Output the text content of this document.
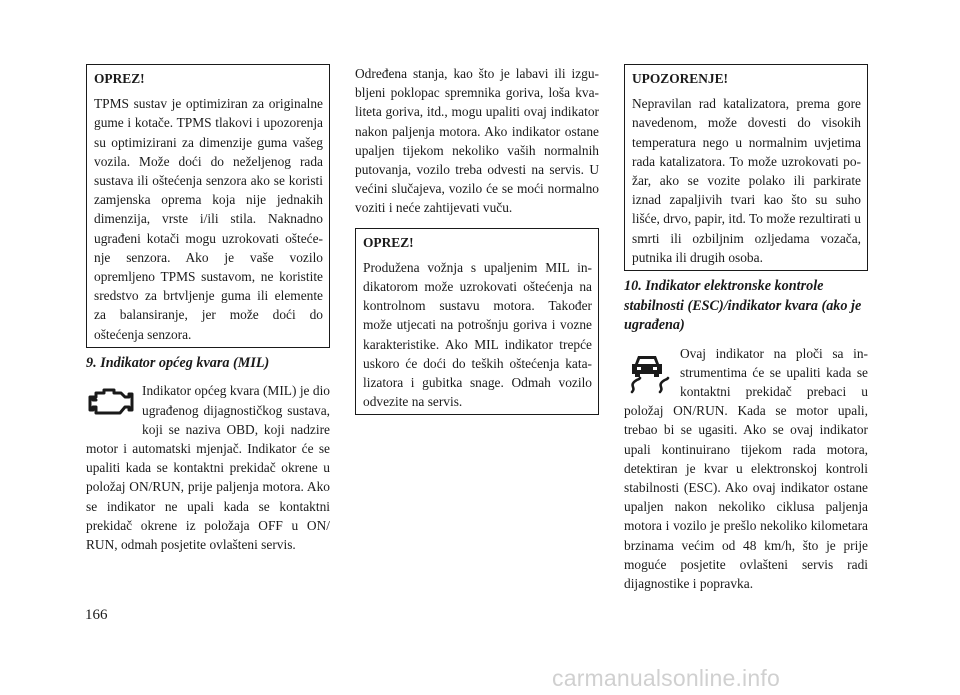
OPREZ!

TPMS sustav je optimiziran za originalne gume i kotače. TPMS tlakovi i upozorenja su optimizirani za dimenzije guma vašeg vozila. Može doći do neželjenog rada sustava ili oštećenja senzora ako se koristi zamjenska oprema koja nije jednakih dimenzija, vrste i/ili stila. Naknadno ugrađeni kotači mogu uzrokovati oštećenje senzora. Ako je vaše vozilo opremljeno TPMS sustavom, ne koristite sredstvo za brtvljenje guma ili elemente za balansiranje, jer može doći do oštećenja senzora.

9. Indikator općeg kvara (MIL)

Indikator općeg kvara (MIL) je dio ugrađenog dijagnostičkog sustava, koji se naziva OBD, koji nadzire motor i automatski mjenjač. Indikator će se upaliti kada se kontaktni prekidač okrene u položaj ON/RUN, prije paljenja motora. Ako se indikator ne upali kada se kontaktni prekidač okrene iz položaja OFF u ON/ RUN, odmah posjetite ovlašteni servis.

Određena stanja, kao što je labavi ili izgubljeni poklopac spremnika goriva, loša kvaliteta goriva, itd., mogu upaliti ovaj indikator nakon paljenja motora. Ako indikator ostane upaljen tijekom nekoliko vaših normalnih putovanja, vozilo treba odvesti na servis. U većini slučajeva, vozilo će se moći normalno voziti i neće zahtijevati vuču.

OPREZ!

Produžena vožnja s upaljenim MIL indikatorom može uzrokovati oštećenja na kontrolnom sustavu motora. Također može utjecati na potrošnju goriva i vozne karakteristike. Ako MIL indikator trepće uskoro će doći do teških oštećenja katalizatora i gubitka snage. Odmah vozilo odvezite na servis.

UPOZORENJE!

Nepravilan rad katalizatora, prema gore navedenom, može dovesti do visokih temperatura nego u normalnim uvjetima rada katalizatora. To može uzrokovati požar, ako se vozite polako ili parkirate iznad zapaljivih tvari kao što su suho lišće, drvo, papir, itd. To može rezultirati u smrti ili ozbiljnim ozljedama vozača, putnika ili drugih osoba.

10. Indikator elektronske kontrole stabilnosti (ESC)/indikator kvara (ako je ugrađena)

Ovaj indikator na ploči sa instrumentima će se upaliti kada se kontaktni prekidač prebaci u položaj ON/RUN. Kada se motor upali, trebao bi se ugasiti. Ako se ovaj indikator upali kontinuirano tijekom rada motora, detektiran je kvar u elektronskoj kontroli stabilnosti (ESC). Ako ovaj indikator ostane upaljen nakon nekoliko ciklusa paljenja motora i vozilo je prešlo nekoliko kilometara brzinama većim od 48 km/h, što je prije moguće posjetite ovlašteni servis radi dijagnostike i popravka.

166
carmanualsonline.info
